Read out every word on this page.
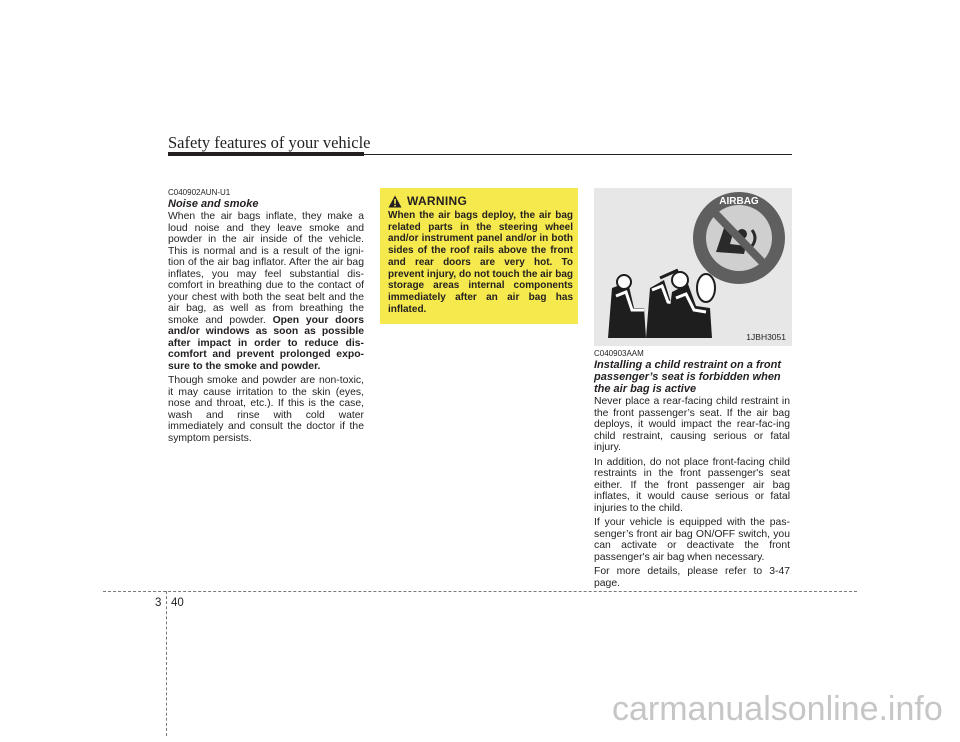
Safety features of your vehicle
C040902AUN-U1
Noise and smoke

When the air bags inflate, they make a loud noise and they leave smoke and powder in the air inside of the vehicle. This is normal and is a result of the igni-tion of the air bag inflator. After the air bag inflates, you may feel substantial dis-comfort in breathing due to the contact of your chest with both the seat belt and the air bag, as well as from breathing the smoke and powder. Open your doors and/or windows as soon as possible after impact in order to reduce dis-comfort and prevent prolonged expo-sure to the smoke and powder.

Though smoke and powder are non-toxic, it may cause irritation to the skin (eyes, nose and throat, etc.). If this is the case, wash and rinse with cold water immediately and consult the doctor if the symptom persists.

WARNING

When the air bags deploy, the air bag related parts in the steering wheel and/or instrument panel and/or in both sides of the roof rails above the front and rear doors are very hot. To prevent injury, do not touch the air bag storage areas internal components immediately after an air bag has inflated.

AIRBAG
1JBH3051
C040903AAM
Installing a child restraint on a front passenger’s seat is forbidden when the air bag is active

Never place a rear-facing child restraint in the front passenger’s seat. If the air bag deploys, it would impact the rear-fac-ing child restraint, causing serious or fatal injury.

In addition, do not place front-facing child restraints in the front passenger's seat either. If the front passenger air bag inflates, it would cause serious or fatal injuries to the child.

If your vehicle is equipped with the pas-senger’s front air bag ON/OFF switch, you can activate or deactivate the front passenger's air bag when necessary.

For more details, please refer to 3-47 page.

3 40
carmanualsonline.info
